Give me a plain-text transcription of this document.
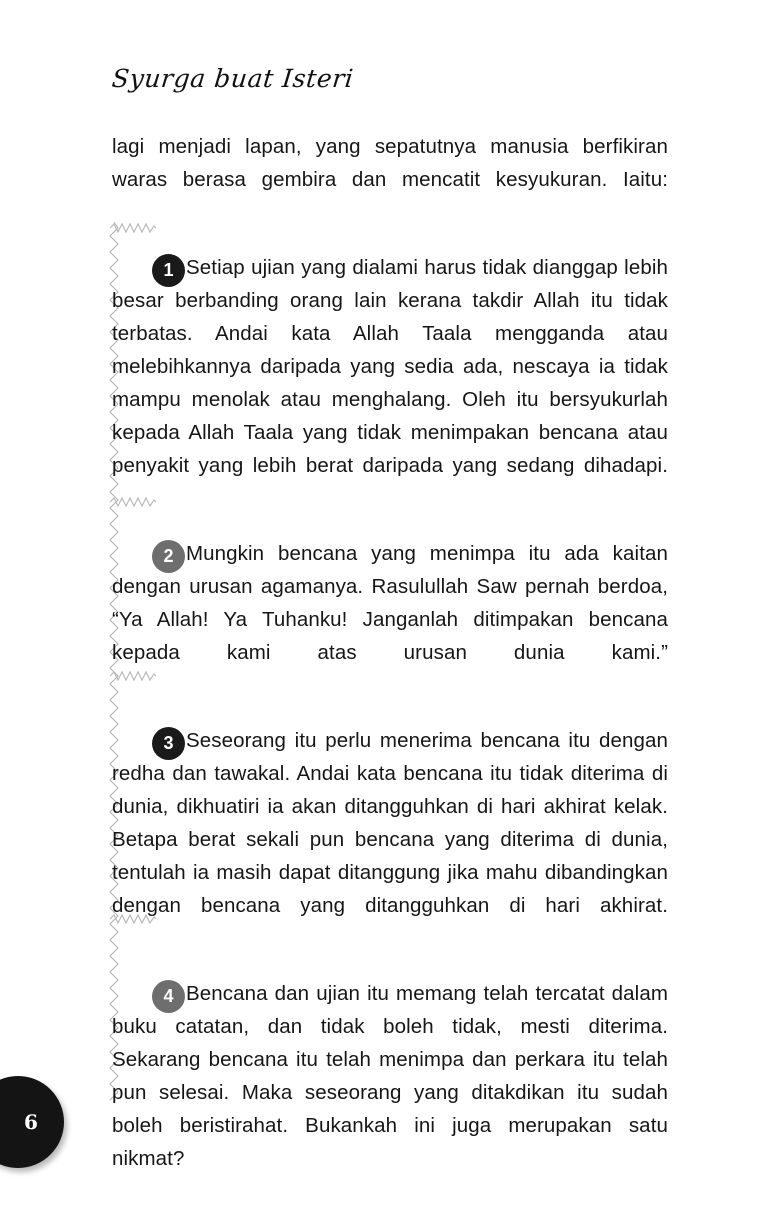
Syurga buat Isteri

lagi menjadi lapan, yang sepatutnya manusia berfikiran waras berasa gembira dan mencatit kesyukuran. Iaitu:

1 Setiap ujian yang dialami harus tidak dianggap lebih besar berbanding orang lain kerana takdir Allah itu tidak terbatas. Andai kata Allah Taala mengganda atau melebihkannya daripada yang sedia ada, nescaya ia tidak mampu menolak atau menghalang. Oleh itu bersyukurlah kepada Allah Taala yang tidak menimpakan bencana atau penyakit yang lebih berat daripada yang sedang dihadapi.

2 Mungkin bencana yang menimpa itu ada kaitan dengan urusan agamanya. Rasulullah Saw pernah berdoa, “Ya Allah! Ya Tuhanku! Janganlah ditimpakan bencana kepada kami atas urusan dunia kami.”

3 Seseorang itu perlu menerima bencana itu dengan redha dan tawakal. Andai kata bencana itu tidak diterima di dunia, dikhuatiri ia akan ditangguhkan di hari akhirat kelak. Betapa berat sekali pun bencana yang diterima di dunia, tentulah ia masih dapat ditanggung jika mahu dibandingkan dengan bencana yang ditangguhkan di hari akhirat.

4 Bencana dan ujian itu memang telah tercatat dalam buku catatan, dan tidak boleh tidak, mesti diterima. Sekarang bencana itu telah menimpa dan perkara itu telah pun selesai. Maka seseorang yang ditakdikan itu sudah boleh beristirahat. Bukankah ini juga merupakan satu nikmat?

6
